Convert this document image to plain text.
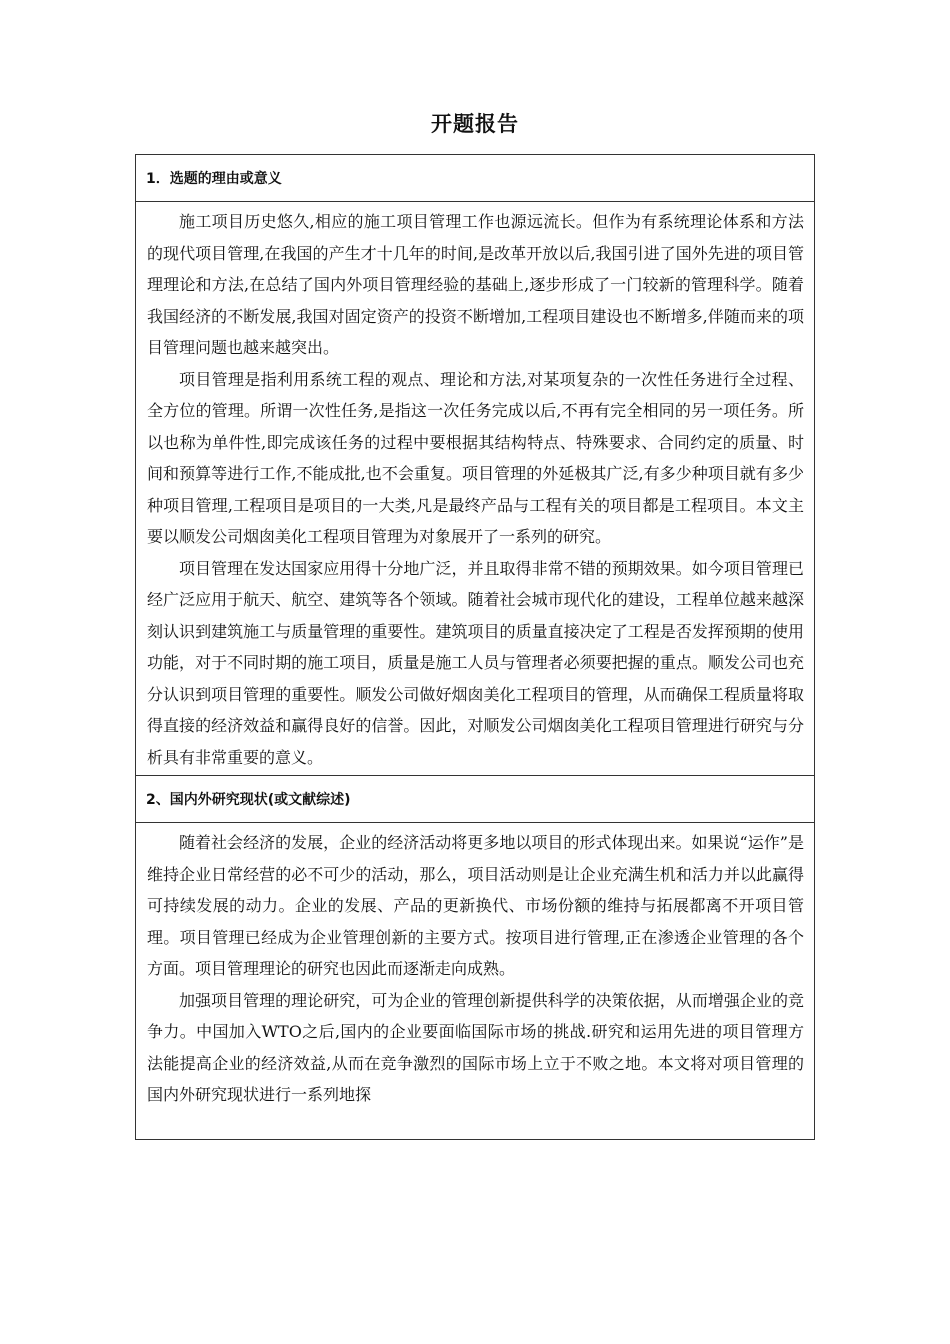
开题报告
1．选题的理由或意义

施工项目历史悠久,相应的施工项目管理工作也源远流长。但作为有系统理论体系和方法的现代项目管理,在我国的产生才十几年的时间,是改革开放以后,我国引进了国外先进的项目管理理论和方法,在总结了国内外项目管理经验的基础上,逐步形成了一门较新的管理科学。随着我国经济的不断发展,我国对固定资产的投资不断增加,工程项目建设也不断增多,伴随而来的项目管理问题也越来越突出。

项目管理是指利用系统工程的观点、理论和方法,对某项复杂的一次性任务进行全过程、全方位的管理。所谓一次性任务,是指这一次任务完成以后,不再有完全相同的另一项任务。所以也称为单件性,即完成该任务的过程中要根据其结构特点、特殊要求、合同约定的质量、时间和预算等进行工作,不能成批,也不会重复。项目管理的外延极其广泛,有多少种项目就有多少种项目管理,工程项目是项目的一大类,凡是最终产品与工程有关的项目都是工程项目。本文主要以顺发公司烟囱美化工程项目管理为对象展开了一系列的研究。

项目管理在发达国家应用得十分地广泛，并且取得非常不错的预期效果。如今项目管理已经广泛应用于航天、航空、建筑等各个领域。随着社会城市现代化的建设，工程单位越来越深刻认识到建筑施工与质量管理的重要性。建筑项目的质量直接决定了工程是否发挥预期的使用功能，对于不同时期的施工项目，质量是施工人员与管理者必须要把握的重点。顺发公司也充分认识到项目管理的重要性。顺发公司做好烟囱美化工程项目的管理，从而确保工程质量将取得直接的经济效益和赢得良好的信誉。因此，对顺发公司烟囱美化工程项目管理进行研究与分析具有非常重要的意义。

2、国内外研究现状(或文献综述)

随着社会经济的发展，企业的经济活动将更多地以项目的形式体现出来。如果说“运作”是维持企业日常经营的必不可少的活动，那么，项目活动则是让企业充满生机和活力并以此赢得可持续发展的动力。企业的发展、产品的更新换代、市场份额的维持与拓展都离不开项目管理。项目管理已经成为企业管理创新的主要方式。按项目进行管理,正在渗透企业管理的各个方面。项目管理理论的研究也因此而逐渐走向成熟。

加强项目管理的理论研究，可为企业的管理创新提供科学的决策依据，从而增强企业的竞争力。中国加入WTO之后,国内的企业要面临国际市场的挑战.研究和运用先进的项目管理方法能提高企业的经济效益,从而在竞争激烈的国际市场上立于不败之地。本文将对项目管理的国内外研究现状进行一系列地探
